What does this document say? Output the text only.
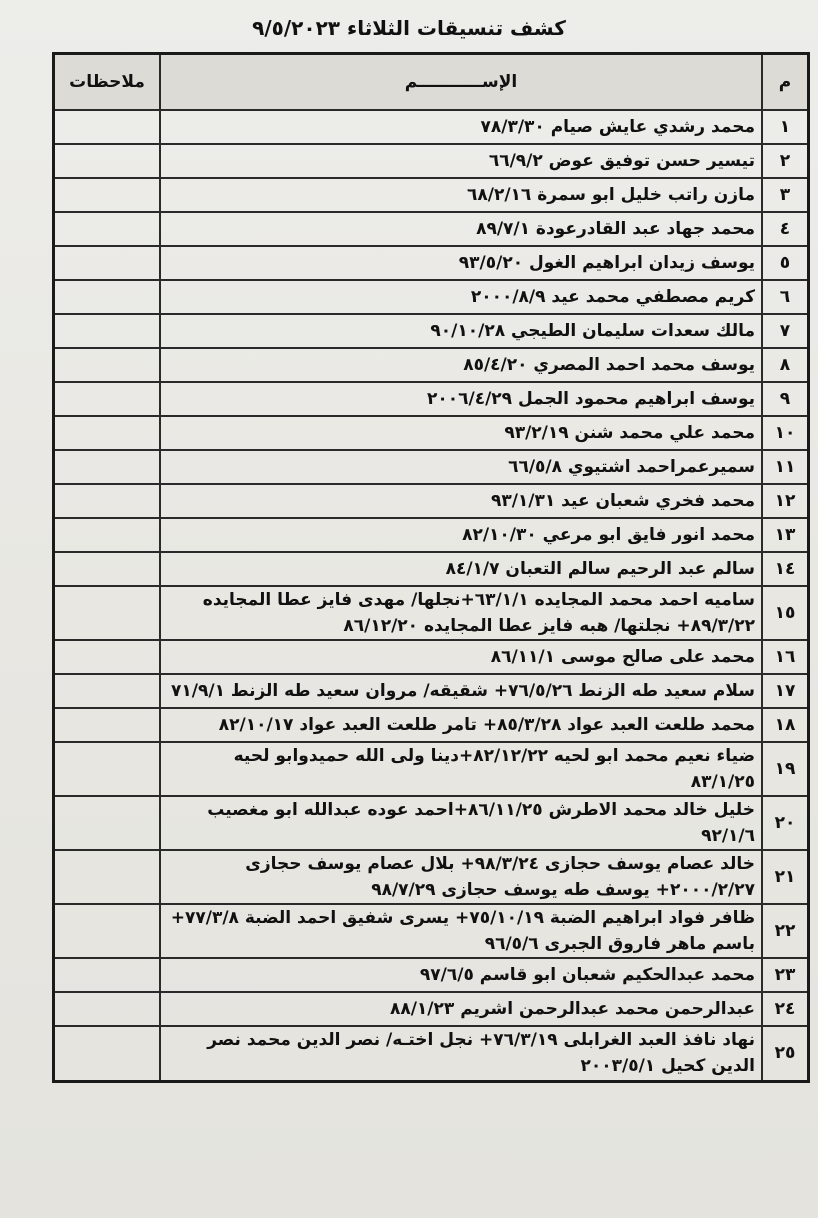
كشف تنسيقات الثلاثاء ٩/٥/٢٠٢٣
م	الإســـــــــــم	ملاحظات
١	محمد رشدي عايش صيام ٧٨/٣/٣٠	
٢	تيسير حسن توفيق عوض ٦٦/٩/٢	
٣	مازن راتب خليل ابو سمرة ٦٨/٢/١٦	
٤	محمد جهاد عبد القادرعودة ٨٩/٧/١	
٥	يوسف زيدان ابراهيم الغول ٩٣/٥/٢٠	
٦	كريم مصطفي محمد عيد ٢٠٠٠/٨/٩	
٧	مالك سعدات سليمان الطيجي ٩٠/١٠/٢٨	
٨	يوسف محمد احمد المصري ٨٥/٤/٢٠	
٩	يوسف ابراهيم محمود الجمل ٢٠٠٦/٤/٢٩	
١٠	محمد علي محمد شنن ٩٣/٢/١٩	
١١	سميرعمراحمد اشتيوي ٦٦/٥/٨	
١٢	محمد فخري شعبان عيد ٩٣/١/٣١	
١٣	محمد انور فايق ابو مرعي ٨٢/١٠/٣٠	
١٤	سالم عبد الرحيم سالم التعبان ٨٤/١/٧	
١٥	ساميه احمد محمد المجايده ٦٣/١/١+نجلها/ مهدى فايز عطا المجايده ٨٩/٣/٢٢+ نجلتها/ هبه فايز عطا المجايده ٨٦/١٢/٢٠	
١٦	محمد على صالح موسى ٨٦/١١/١	
١٧	سلام سعيد طه الزنط ٧٦/٥/٢٦+ شقيقه/ مروان سعيد طه الزنط ٧١/٩/١	
١٨	محمد طلعت العبد عواد ٨٥/٣/٢٨+ تامر طلعت العبد عواد ٨٢/١٠/١٧	
١٩	ضياء نعيم محمد ابو لحيه ٨٢/١٢/٢٢+دينا ولى الله حميدوابو لحيه ٨٣/١/٢٥	
٢٠	خليل خالد محمد الاطرش ٨٦/١١/٢٥+احمد عوده عبدالله ابو مغصيب ٩٢/١/٦	
٢١	خالد عصام يوسف حجازى ٩٨/٣/٢٤+ بلال عصام يوسف حجازى ٢٠٠٠/٢/٢٧+ يوسف طه يوسف حجازى ٩٨/٧/٢٩	
٢٢	ظافر فواد ابراهيم الضبة ٧٥/١٠/١٩+ يسرى شفيق احمد الضبة ٧٧/٣/٨+ باسم ماهر فاروق الجبرى ٩٦/٥/٦	
٢٣	محمد عبدالحكيم شعبان ابو قاسم ٩٧/٦/٥	
٢٤	عبدالرحمن محمد عبدالرحمن اشريم ٨٨/١/٢٣	
٢٥	نهاد نافذ العبد الغرابلى ٧٦/٣/١٩+ نجل اختـه/ نصر الدين محمد نصر الدين كحيل ٢٠٠٣/٥/١	
